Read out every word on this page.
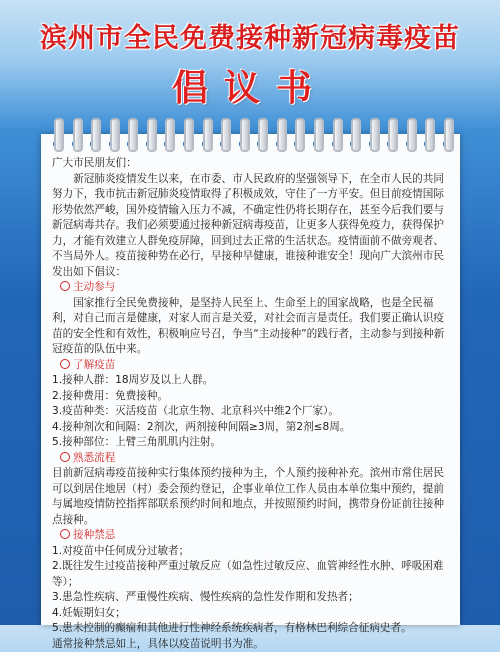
滨州市全民免费接种新冠病毒疫苗
倡议书

广大市民朋友们：

新冠肺炎疫情发生以来，在市委、市人民政府的坚强领导下，在全市人民的共同努力下，我市抗击新冠肺炎疫情取得了积极成效，守住了一方平安。但目前疫情国际形势依然严峻，国外疫情输入压力不减，不确定性仍将长期存在，甚至今后我们要与新冠病毒共存。我们必须要通过接种新冠病毒疫苗，让更多人获得免疫力，获得保护力，才能有效建立人群免疫屏障，回到过去正常的生活状态。疫情面前不做旁观者、不当局外人。疫苗接种势在必行，早接种早健康，谁接种谁安全！现向广大滨州市民发出如下倡议：

主动参与

国家推行全民免费接种，是坚持人民至上、生命至上的国家战略，也是全民福利，对自己而言是健康，对家人而言是关爱，对社会而言是责任。我们要正确认识疫苗的安全性和有效性，积极响应号召，争当“主动接种”的践行者，主动参与到接种新冠疫苗的队伍中来。

了解疫苗

1.接种人群：18周岁及以上人群。

2.接种费用：免费接种。

3.疫苗种类：灭活疫苗（北京生物、北京科兴中维2个厂家）。

4.接种剂次和间隔：2剂次，两剂接种间隔≥3周，第2剂≤8周。

5.接种部位：上臂三角肌肌内注射。

熟悉流程

目前新冠病毒疫苗接种实行集体预约接种为主，个人预约接种补充。滨州市常住居民可以到居住地居（村）委会预约登记，企事业单位工作人员由本单位集中预约，提前与属地疫情防控指挥部联系预约时间和地点，并按照预约时间，携带身份证前往接种点接种。

接种禁忌

1.对疫苗中任何成分过敏者；

2.既往发生过疫苗接种严重过敏反应（如急性过敏反应、血管神经性水肿、呼吸困难等）；

3.患急性疾病、严重慢性疾病、慢性疾病的急性发作期和发热者；

4.妊娠期妇女；

5.患未控制的癫痫和其他进行性神经系统疾病者，有格林巴利综合征病史者。

通常接种禁忌如上，具体以疫苗说明书为准。
